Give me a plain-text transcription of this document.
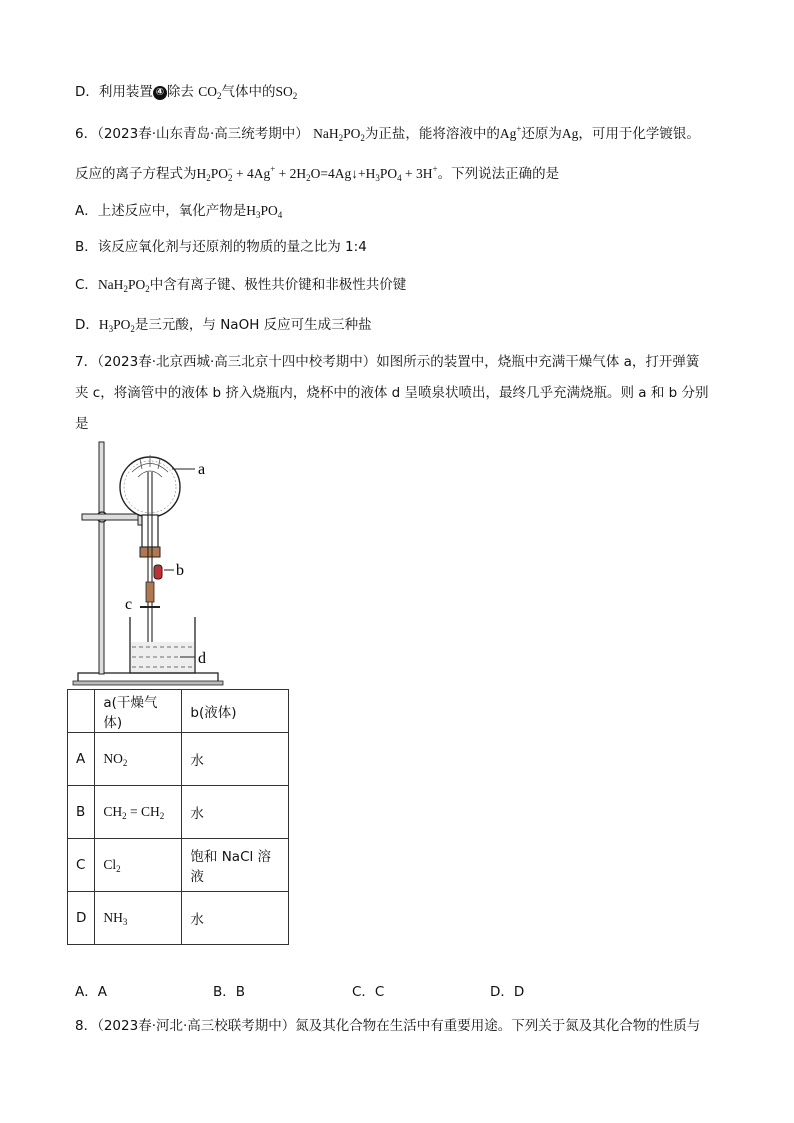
D．利用装置 ④ 除去 $CO_2$气体中的$SO_2$
6．（2023春·山东青岛·高三统考期中） $NaH_2PO_2$为正盐，能将溶液中的Ag+还原为Ag，可用于化学镀银。
反应的离子方程式为$H_2PO_2^- + 4Ag^+$ + $2H_2O=4Ag↓+H_3PO_4 + 3H^+$。下列说法正确的是
A．上述反应中，氧化产物是$H_3PO_4$
B．该反应氧化剂与还原剂的物质的量之比为 1:4
C．$NaH_2PO_2$中含有离子键、极性共价键和非极性共价键
D．$H_3PO_2$是三元酸，与 NaOH 反应可生成三种盐
7．（2023春·北京西城·高三北京十四中校考期中）如图所示的装置中，烧瓶中充满干燥气体 a，打开弹簧
夹 c，将滴管中的液体 b 挤入烧瓶内，烧杯中的液体 d 呈喷泉状喷出，最终几乎充满烧瓶。则 a 和 b 分别
是
a
b
c
d
	a(干燥气体)	b(液体)
A	$NO_2$	水
B	$CH_2 = CH_2$	水
C	$Cl_2$	饱和 NaCl 溶液
D	$NH_3$	水
A．A	B．B	C．C	D．D
8．（2023春·河北·高三校联考期中）氮及其化合物在生活中有重要用途。下列关于氮及其化合物的性质与
